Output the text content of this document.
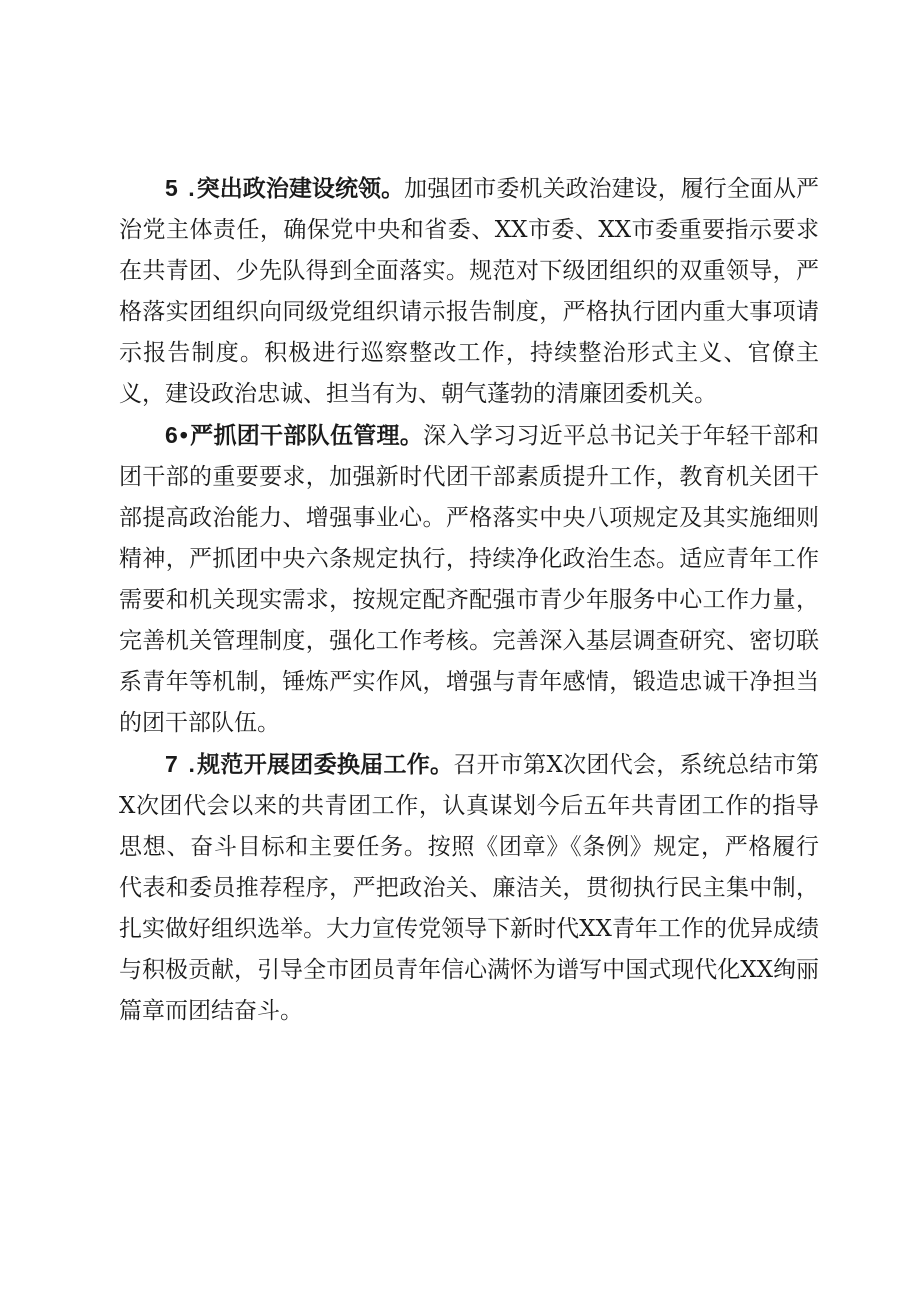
5 .突出政治建设统领。加强团市委机关政治建设，履行全面从严治党主体责任，确保党中央和省委、XX市委、XX市委重要指示要求在共青团、少先队得到全面落实。规范对下级团组织的双重领导，严格落实团组织向同级党组织请示报告制度，严格执行团内重大事项请示报告制度。积极进行巡察整改工作，持续整治形式主义、官僚主义，建设政治忠诚、担当有为、朝气蓬勃的清廉团委机关。

6•严抓团干部队伍管理。深入学习习近平总书记关于年轻干部和团干部的重要要求，加强新时代团干部素质提升工作，教育机关团干部提高政治能力、增强事业心。严格落实中央八项规定及其实施细则精神，严抓团中央六条规定执行，持续净化政治生态。适应青年工作需要和机关现实需求，按规定配齐配强市青少年服务中心工作力量，完善机关管理制度，强化工作考核。完善深入基层调查研究、密切联系青年等机制，锤炼严实作风，增强与青年感情，锻造忠诚干净担当的团干部队伍。

7 .规范开展团委换届工作。召开市第X次团代会，系统总结市第X次团代会以来的共青团工作，认真谋划今后五年共青团工作的指导思想、奋斗目标和主要任务。按照《团章》《条例》规定，严格履行代表和委员推荐程序，严把政治关、廉洁关，贯彻执行民主集中制，扎实做好组织选举。大力宣传党领导下新时代XX青年工作的优异成绩与积极贡献，引导全市团员青年信心满怀为谱写中国式现代化XX绚丽篇章而团结奋斗。
